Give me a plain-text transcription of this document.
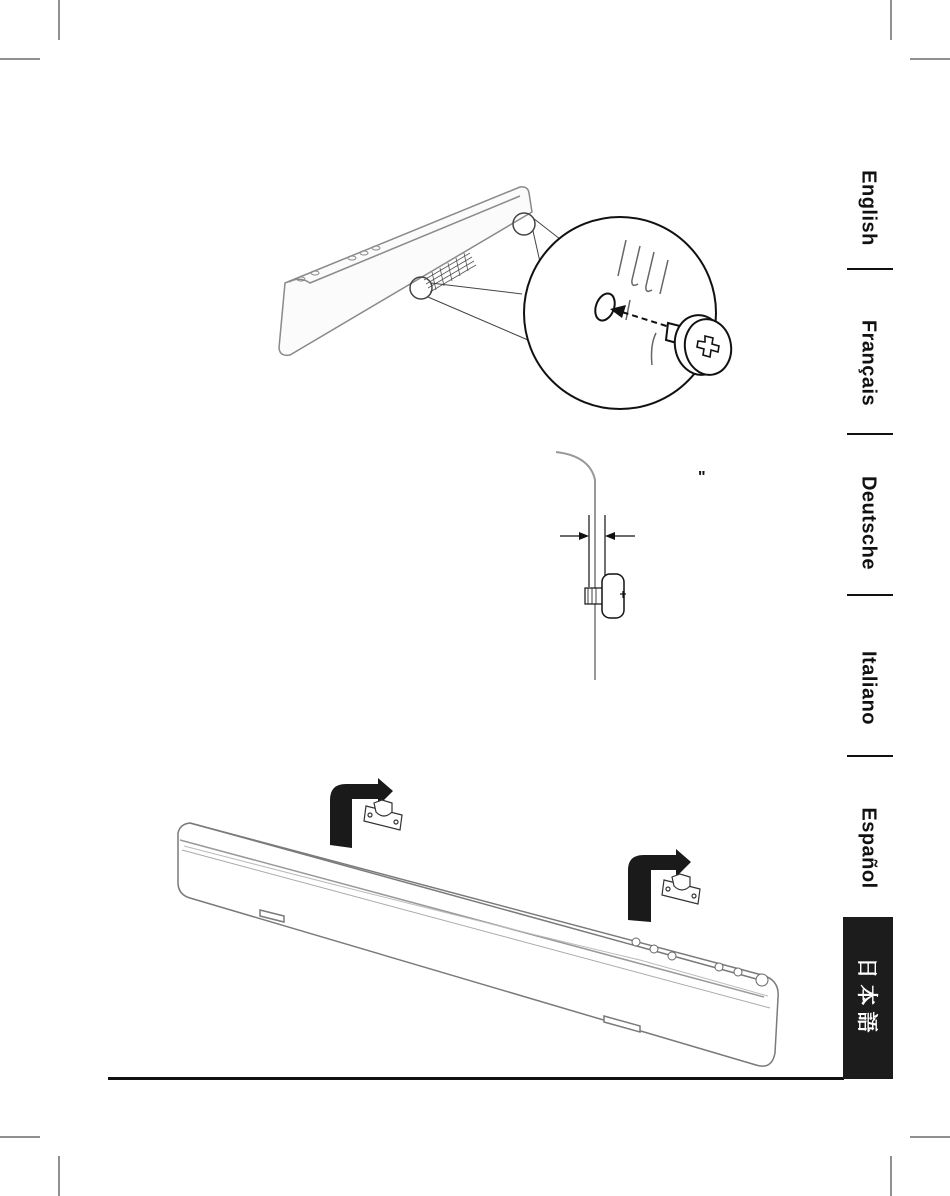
"
English
Français
Deutsche
Italiano
Español
日本語
